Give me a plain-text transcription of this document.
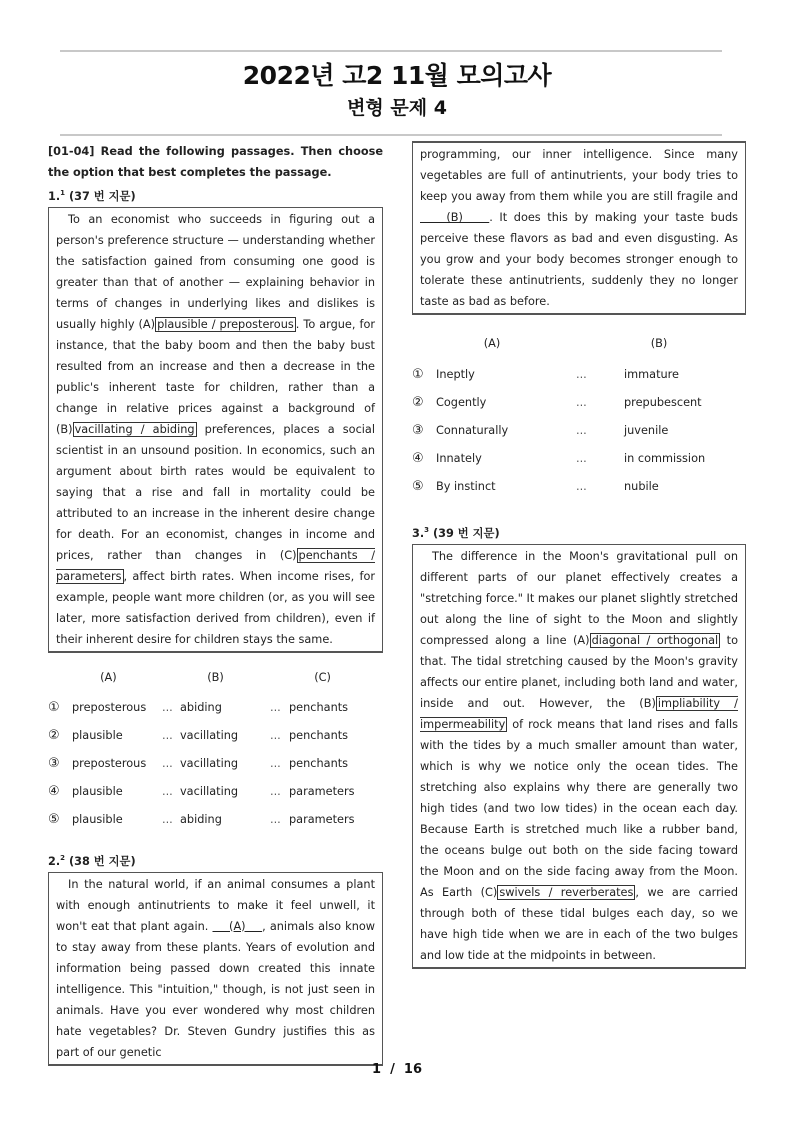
2022년 고2 11월 모의고사
변형 문제 4
[01-04] Read the following passages. Then choose the option that best completes the passage.
1.$^1$ (37 번 지문)
To an economist who succeeds in figuring out a person's preference structure — understanding whether the satisfaction gained from consuming one good is greater than that of another — explaining behavior in terms of changes in underlying likes and dislikes is usually highly (A) plausible / preposterous . To argue, for instance, that the baby boom and then the baby bust resulted from an increase and then a decrease in the public's inherent taste for children, rather than a change in relative prices against a background of (B) vacillating / abiding preferences, places a social scientist in an unsound position. In economics, such an argument about birth rates would be equivalent to saying that a rise and fall in mortality could be attributed to an increase in the inherent desire change for death. For an economist, changes in income and prices, rather than changes in (C) penchants / parameters , affect birth rates. When income rises, for example, people want more children (or, as you will see later, more satisfaction derived from children), even if their inherent desire for children stays the same.
(A)	(B)	(C)
①	preposterous	... abiding	... penchants
②	plausible	... vacillating	... penchants
③	preposterous	... vacillating	... penchants
④	plausible	... vacillating	... parameters
⑤	plausible	... abiding	... parameters
2.$^2$ (38 번 지문)
In the natural world, if an animal consumes a plant with enough antinutrients to make it feel unwell, it won't eat that plant again.     (A)    , animals also know to stay away from these plants. Years of evolution and information being passed down created this innate intelligence. This "intuition," though, is not just seen in animals. Have you ever wondered why most children hate vegetables? Dr. Steven Gundry justifies this as part of our genetic
programming, our inner intelligence. Since many vegetables are full of antinutrients, your body tries to keep you away from them while you are still fragile and     (B)    . It does this by making your taste buds perceive these flavors as bad and even disgusting. As you grow and your body becomes stronger enough to tolerate these antinutrients, suddenly they no longer taste as bad as before.
(A)	(B)
①	Ineptly	...	immature
②	Cogently	...	prepubescent
③	Connaturally	...	juvenile
④	Innately	...	in commission
⑤	By instinct	...	nubile
3.$^3$ (39 번 지문)
The difference in the Moon's gravitational pull on different parts of our planet effectively creates a "stretching force." It makes our planet slightly stretched out along the line of sight to the Moon and slightly compressed along a line (A) diagonal / orthogonal to that. The tidal stretching caused by the Moon's gravity affects our entire planet, including both land and water, inside and out. However, the (B) impliability / impermeability of rock means that land rises and falls with the tides by a much smaller amount than water, which is why we notice only the ocean tides. The stretching also explains why there are generally two high tides (and two low tides) in the ocean each day. Because Earth is stretched much like a rubber band, the oceans bulge out both on the side facing toward the Moon and on the side facing away from the Moon. As Earth (C) swivels / reverberates , we are carried through both of these tidal bulges each day, so we have high tide when we are in each of the two bulges and low tide at the midpoints in between.
1  /  16
